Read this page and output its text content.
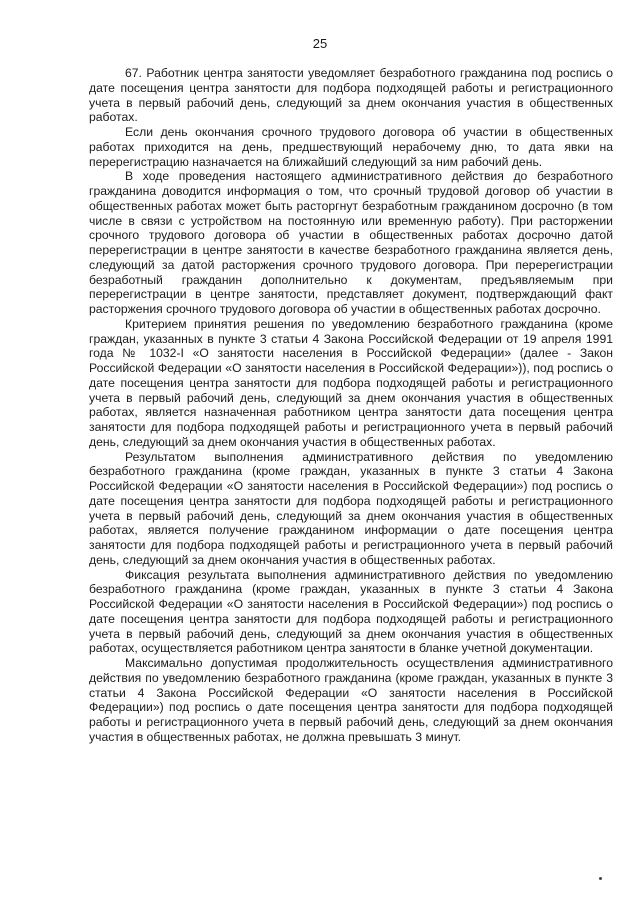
25

67. Работник центра занятости уведомляет безработного гражданина под роспись о дате посещения центра занятости для подбора подходящей работы и регистрационного учета в первый рабочий день, следующий за днем окончания участия в общественных работах.

Если день окончания срочного трудового договора об участии в общественных работах приходится на день, предшествующий нерабочему дню, то дата явки на перерегистрацию назначается на ближайший следующий за ним рабочий день.

В ходе проведения настоящего административного действия до безработного гражданина доводится информация о том, что срочный трудовой договор об участии в общественных работах может быть расторгнут безработным гражданином досрочно (в том числе в связи с устройством на постоянную или временную работу). При расторжении срочного трудового договора об участии в общественных работах досрочно датой перерегистрации в центре занятости в качестве безработного гражданина является день, следующий за датой расторжения срочного трудового договора. При перерегистрации безработный гражданин дополнительно к документам, предъявляемым при перерегистрации в центре занятости, представляет документ, подтверждающий факт расторжения срочного трудового договора об участии в общественных работах досрочно.

Критерием принятия решения по уведомлению безработного гражданина (кроме граждан, указанных в пункте 3 статьи 4 Закона Российской Федерации от 19 апреля 1991 года № 1032-I «О занятости населения в Российской Федерации» (далее - Закон Российской Федерации «О занятости населения в Российской Федерации»)), под роспись о дате посещения центра занятости для подбора подходящей работы и регистрационного учета в первый рабочий день, следующий за днем окончания участия в общественных работах, является назначенная работником центра занятости дата посещения центра занятости для подбора подходящей работы и регистрационного учета в первый рабочий день, следующий за днем окончания участия в общественных работах.

Результатом выполнения административного действия по уведомлению безработного гражданина (кроме граждан, указанных в пункте 3 статьи 4 Закона Российской Федерации «О занятости населения в Российской Федерации») под роспись о дате посещения центра занятости для подбора подходящей работы и регистрационного учета в первый рабочий день, следующий за днем окончания участия в общественных работах, является получение гражданином информации о дате посещения центра занятости для подбора подходящей работы и регистрационного учета в первый рабочий день, следующий за днем окончания участия в общественных работах.

Фиксация результата выполнения административного действия по уведомлению безработного гражданина (кроме граждан, указанных в пункте 3 статьи 4 Закона Российской Федерации «О занятости населения в Российской Федерации») под роспись о дате посещения центра занятости для подбора подходящей работы и регистрационного учета в первый рабочий день, следующий за днем окончания участия в общественных работах, осуществляется работником центра занятости в бланке учетной документации.

Максимально допустимая продолжительность осуществления административного действия по уведомлению безработного гражданина (кроме граждан, указанных в пункте 3 статьи 4 Закона Российской Федерации «О занятости населения в Российской Федерации») под роспись о дате посещения центра занятости для подбора подходящей работы и регистрационного учета в первый рабочий день, следующий за днем окончания участия в общественных работах, не должна превышать 3 минут.
